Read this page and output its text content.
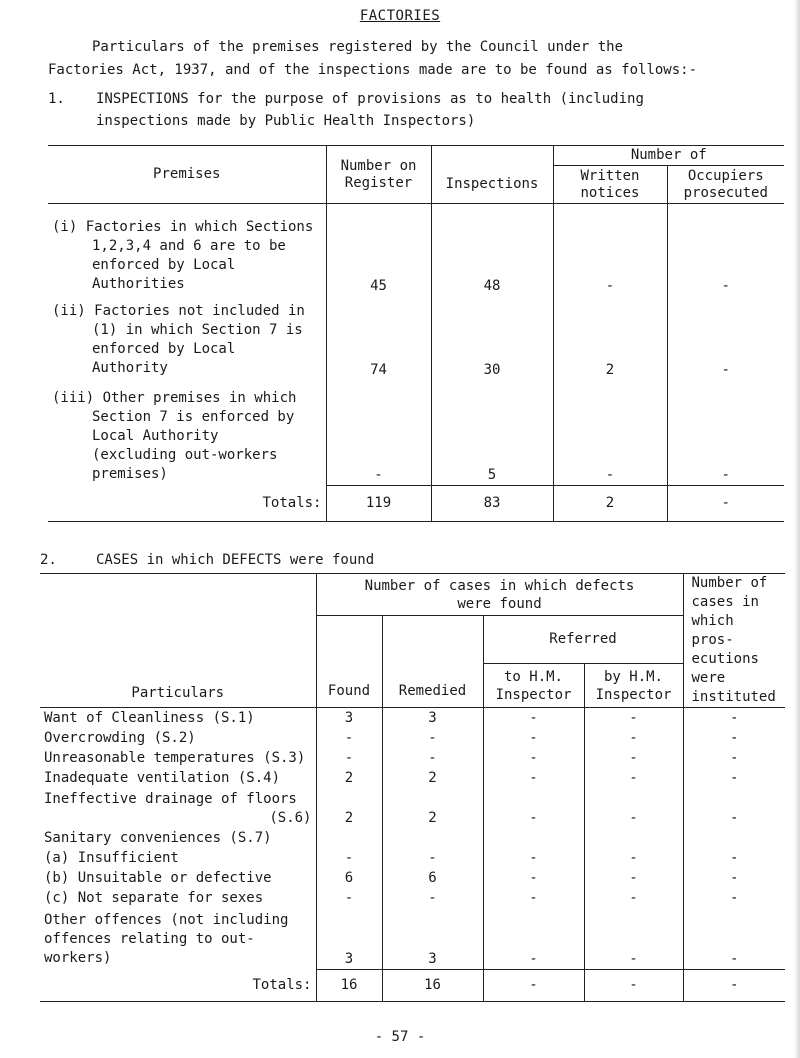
FACTORIES
Particulars of the premises registered by the Council under the
Factories Act, 1937, and of the inspections made are to be found as follows:-
1. INSPECTIONS for the purpose of provisions as to health (including
inspections made by Public Health Inspectors)
Premises	Number on Register		Number of	
		Inspections	Written notices	Occupiers prosecuted

(i) Factories in which Sections
1,2,3,4 and 6 are to be
enforced by Local
Authorities	45	48	-	-

(ii) Factories not included in
(1) in which Section 7 is
enforced by Local
Authority	74	30	2	-

(iii) Other premises in which
Section 7 is enforced by
Local Authority
(excluding out-workers
premises)	-	5	-	-
Totals:	119	83	2	-
2.	CASES in which DEFECTS were found
Particulars	Number of cases in which defects were found				Number of cases in which pros-ecutions were instituted
	Found	Remedied	Referred		
			to H.M. Inspector	by H.M. Inspector	
Want of Cleanliness (S.1)	3	3	-	-	-
Overcrowding (S.2)	-	-	-	-	-
Unreasonable temperatures (S.3)	-	-	-	-	-
Inadequate ventilation (S.4)	2	2	-	-	-

Ineffective drainage of floors
(S.6)	2	2	-	-	-
Sanitary conveniences (S.7)					
(a) Insufficient	-	-	-	-	-
(b) Unsuitable or defective	6	6	-	-	-
(c) Not separate for sexes	-	-	-	-	-

Other offences (not including
offences relating to out-
workers)	3	3	-	-	-
Totals:	16	16	-	-	-
- 57 -
